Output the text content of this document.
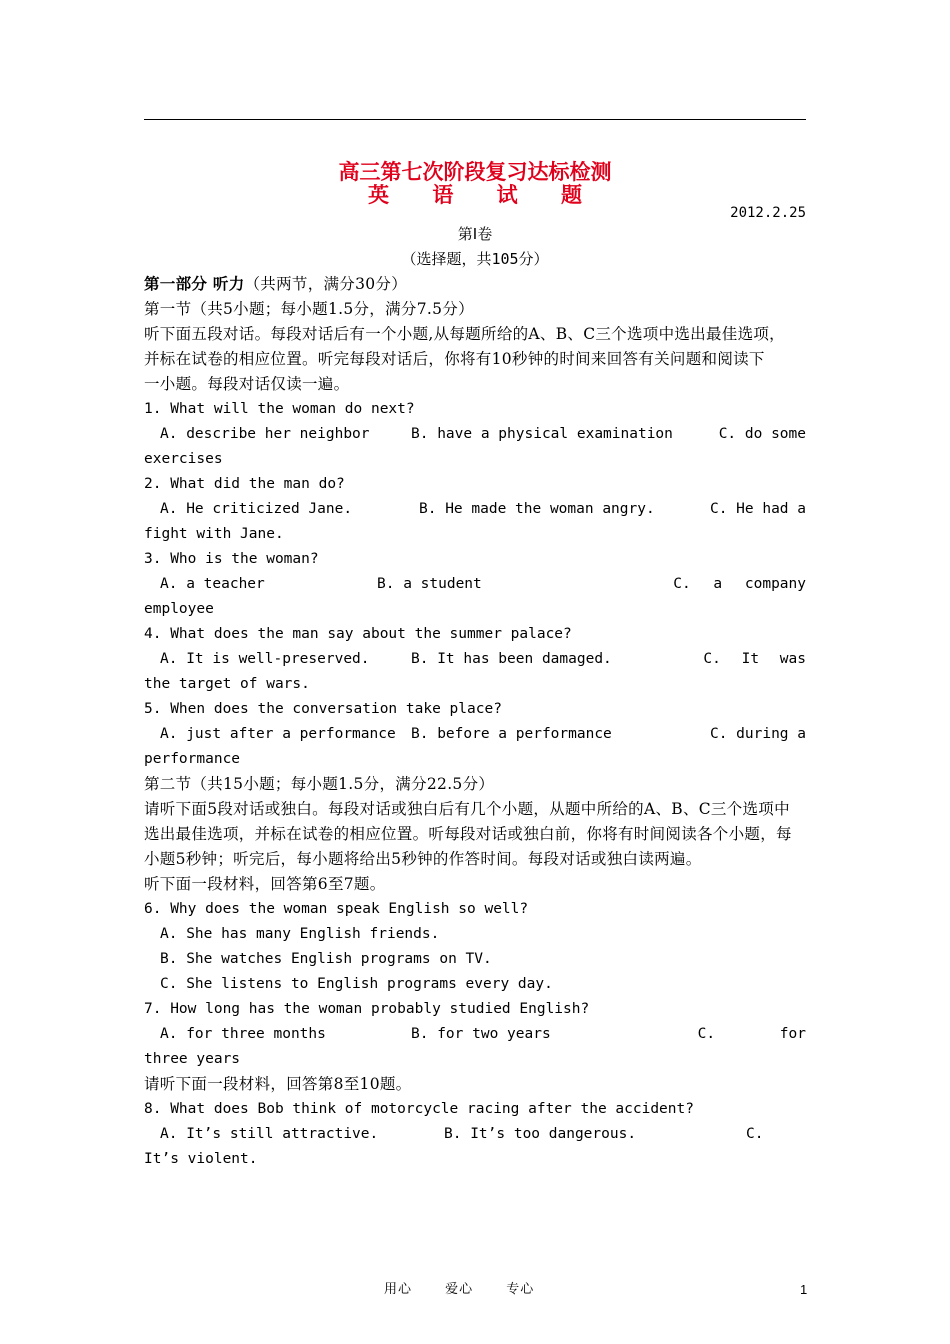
高三第七次阶段复习达标检测
英 语 试 题
2012.2.25
第Ⅰ卷
（选择题，共105分）
第一部分 听力（共两节，满分30分）
第一节（共5小题；每小题1.5分，满分7.5分）
听下面五段对话。每段对话后有一个小题,从每题所给的A、B、C三个选项中选出最佳选项，
并标在试卷的相应位置。听完每段对话后，你将有10秒钟的时间来回答有关问题和阅读下
一小题。每段对话仅读一遍。
1. What will the woman do next?
A. describe her neighbor	B. have a physical examination	C. do some
exercises
2. What did the man do?
A. He criticized Jane.	B. He made the woman angry.	C. He had a
fight with Jane.
3. Who is the woman?
A. a teacher	B. a student	C. a company
employee
4. What does the man say about the summer palace?
A. It is well-preserved.	B. It has been damaged.	C. It was
the target of wars.
5. When does the conversation take place?
A. just after a performance B. before a performance	C. during a
performance
第二节（共15小题；每小题1.5分，满分22.5分）
请听下面5段对话或独白。每段对话或独白后有几个小题，从题中所给的A、B、C三个选项中
选出最佳选项，并标在试卷的相应位置。听每段对话或独白前，你将有时间阅读各个小题，每
小题5秒钟；听完后，每小题将给出5秒钟的作答时间。每段对话或独白读两遍。
听下面一段材料，回答第6至7题。
6. Why does the woman speak English so well?
A. She has many English friends.
B. She watches English programs on TV.
C. She listens to English programs every day.
7. How long has the woman probably studied English?
A. for three months	B. for two years	C. for
three years
请听下面一段材料，回答第8至10题。
8. What does Bob think of motorcycle racing after the accident?
A. It’s still attractive.	B. It’s too dangerous.	C.
It’s violent.
用心 爱心 专心	1
